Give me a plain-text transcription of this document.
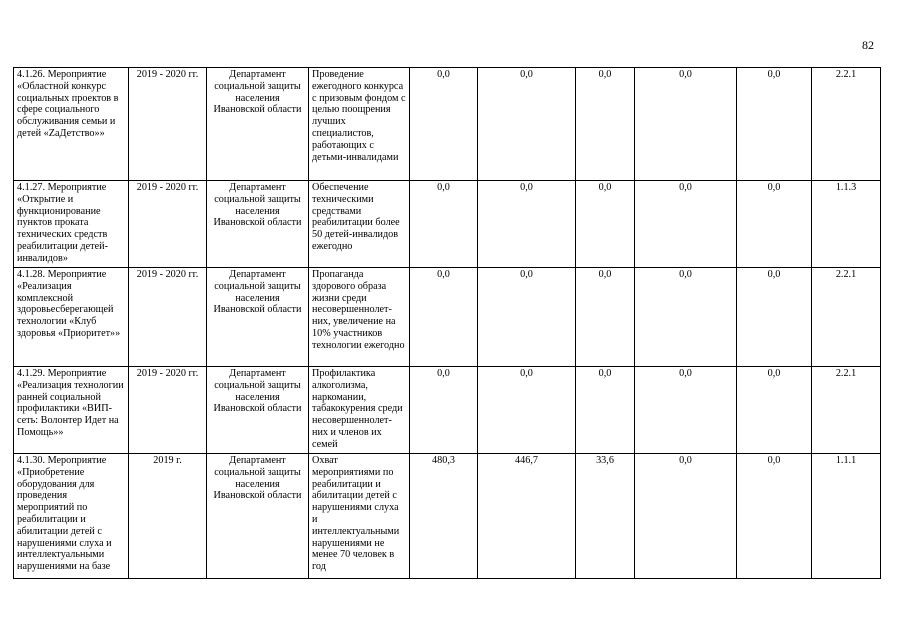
82
4.1.26. Мероприятие «Областной конкурс социальных проектов в сфере социального обслуживания семьи и детей «ZaДетство»»	2019 - 2020 гг.	Департамент социальной защиты населения Ивановской области	Проведение ежегодного конкурса с призовым фондом с целью поощрения лучших специалистов, работающих с детьми-инвалидами	0,0	0,0	0,0	0,0	0,0	2.2.1

4.1.27. Мероприятие «Открытие и функционирование пунктов проката технических средств реабилитации детей-инвалидов»	2019 - 2020 гг.	Департамент социальной защиты населения Ивановской области	Обеспечение техническими средствами реабилитации более 50 детей-инвалидов ежегодно	0,0	0,0	0,0	0,0	0,0	1.1.3

4.1.28. Мероприятие «Реализация комплексной здоровьесберегающей технологии «Клуб здоровья «Приоритет»»	2019 - 2020 гг.	Департамент социальной защиты населения Ивановской области	Пропаганда здорового образа жизни среди несовершеннолет-них, увеличение на 10% участников технологии ежегодно	0,0	0,0	0,0	0,0	0,0	2.2.1

4.1.29. Мероприятие «Реализация технологии ранней социальной профилактики «ВИП-сеть: Волонтер Идет на Помощь»»	2019 - 2020 гг.	Департамент социальной защиты населения Ивановской области	Профилактика алкоголизма, наркомании, табакокурения среди несовершеннолет-них и членов их семей	0,0	0,0	0,0	0,0	0,0	2.2.1

4.1.30. Мероприятие «Приобретение оборудования для проведения мероприятий по реабилитации и абилитации детей с нарушениями слуха и интеллектуальными нарушениями на базе	2019 г.	Департамент социальной защиты населения Ивановской области	Охват мероприятиями по реабилитации и абилитации детей с нарушениями слуха и интеллектуальными нарушениями не менее 70 человек в год	480,3	446,7	33,6	0,0	0,0	1.1.1
